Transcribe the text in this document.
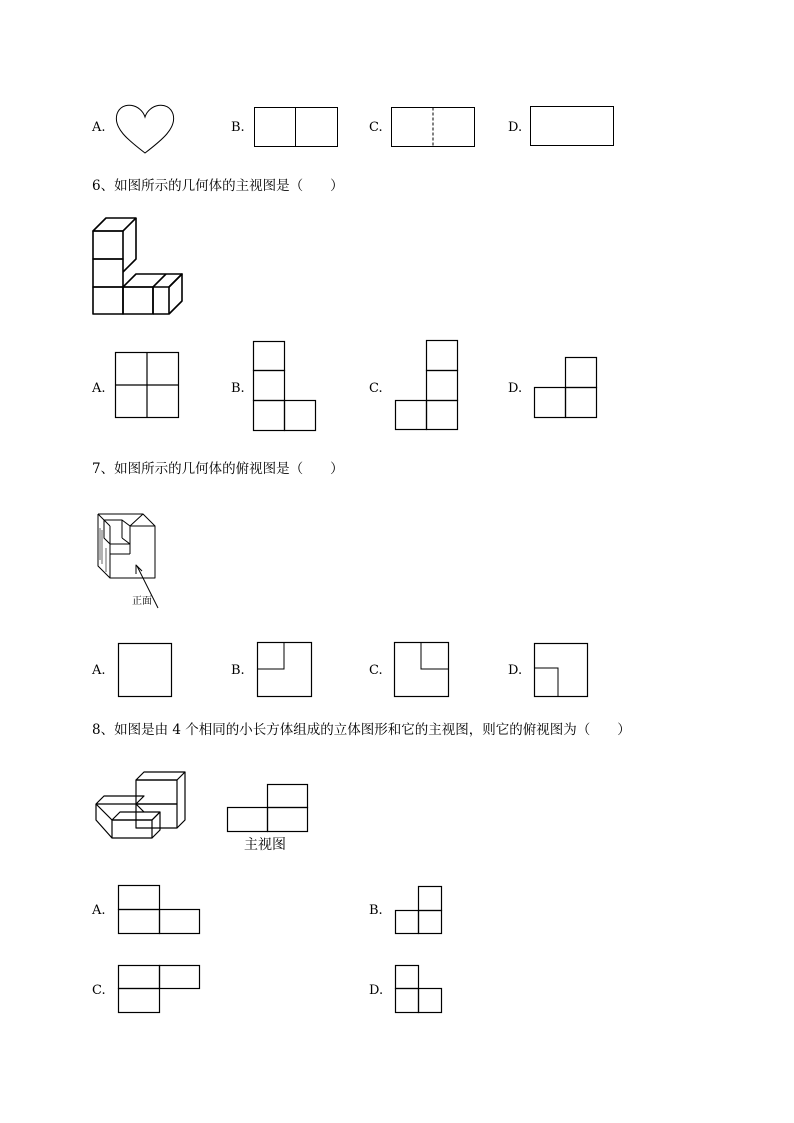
A.	B.	C.	D.
6、如图所示的几何体的主视图是（　　）
A.	B.	C.	D.
7、如图所示的几何体的俯视图是（　　）
正面
A.	B.	C.	D.
8、如图是由 4 个相同的小长方体组成的立体图形和它的主视图，则它的俯视图为（　　）
主视图
A.	B.
C.	D.
